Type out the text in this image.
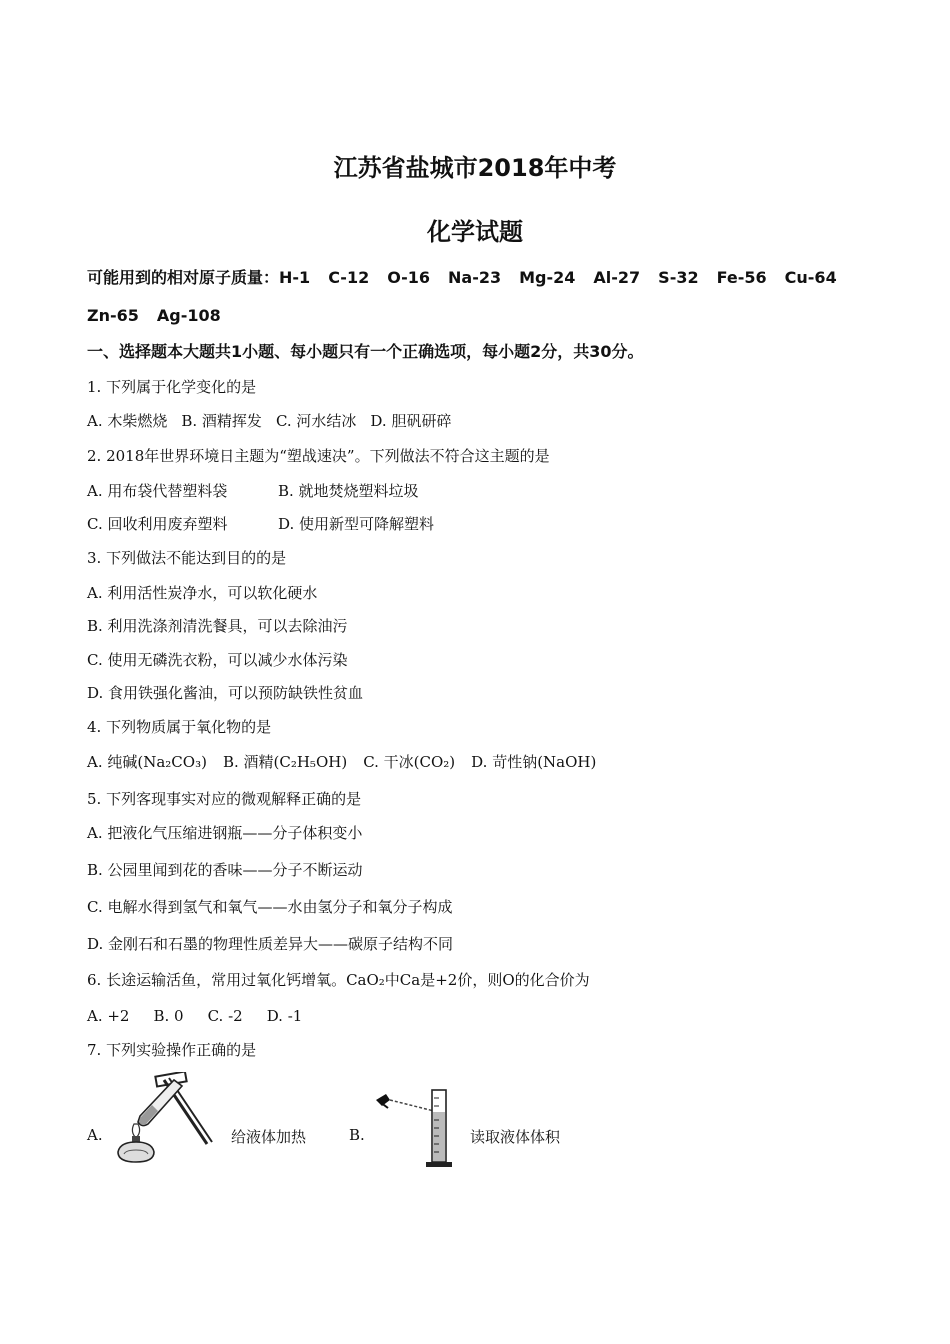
江苏省盐城市2018年中考
化学试题
可能用到的相对原子质量：H-1 C-12 O-16 Na-23 Mg-24 Al-27 S-32 Fe-56 Cu-64
Zn-65 Ag-108
一、选择题本大题共1小题、每小题只有一个正确选项，每小题2分，共30分。
1. 下列属于化学变化的是
A. 木柴燃烧 B. 酒精挥发 C. 河水结冰 D. 胆矾研碎
2. 2018年世界环境日主题为“塑战速决”。下列做法不符合这主题的是
A. 用布袋代替塑料袋	B. 就地焚烧塑料垃圾
C. 回收利用废弃塑料	D. 使用新型可降解塑料
3. 下列做法不能达到目的的是
A. 利用活性炭净水，可以软化硬水
B. 利用洗涤剂清洗餐具，可以去除油污
C. 使用无磷洗衣粉，可以减少水体污染
D. 食用铁强化酱油，可以预防缺铁性贫血
4. 下列物质属于氧化物的是
A. 纯碱(Na₂CO₃) B. 酒精(C₂H₅OH) C. 干冰(CO₂) D. 苛性钠(NaOH)
5. 下列客现事实对应的微观解释正确的是
A. 把液化气压缩进钢瓶——分子体积变小
B. 公园里闻到花的香味——分子不断运动
C. 电解水得到氢气和氧气——水由氢分子和氧分子构成
D. 金刚石和石墨的物理性质差异大——碳原子结构不同
6. 长途运输活鱼，常用过氧化钙增氧。CaO₂中Ca是+2价，则O的化合价为
A. +2 B. 0 C. -2 D. -1
7. 下列实验操作正确的是
A.	给液体加热	B.	读取液体体积
